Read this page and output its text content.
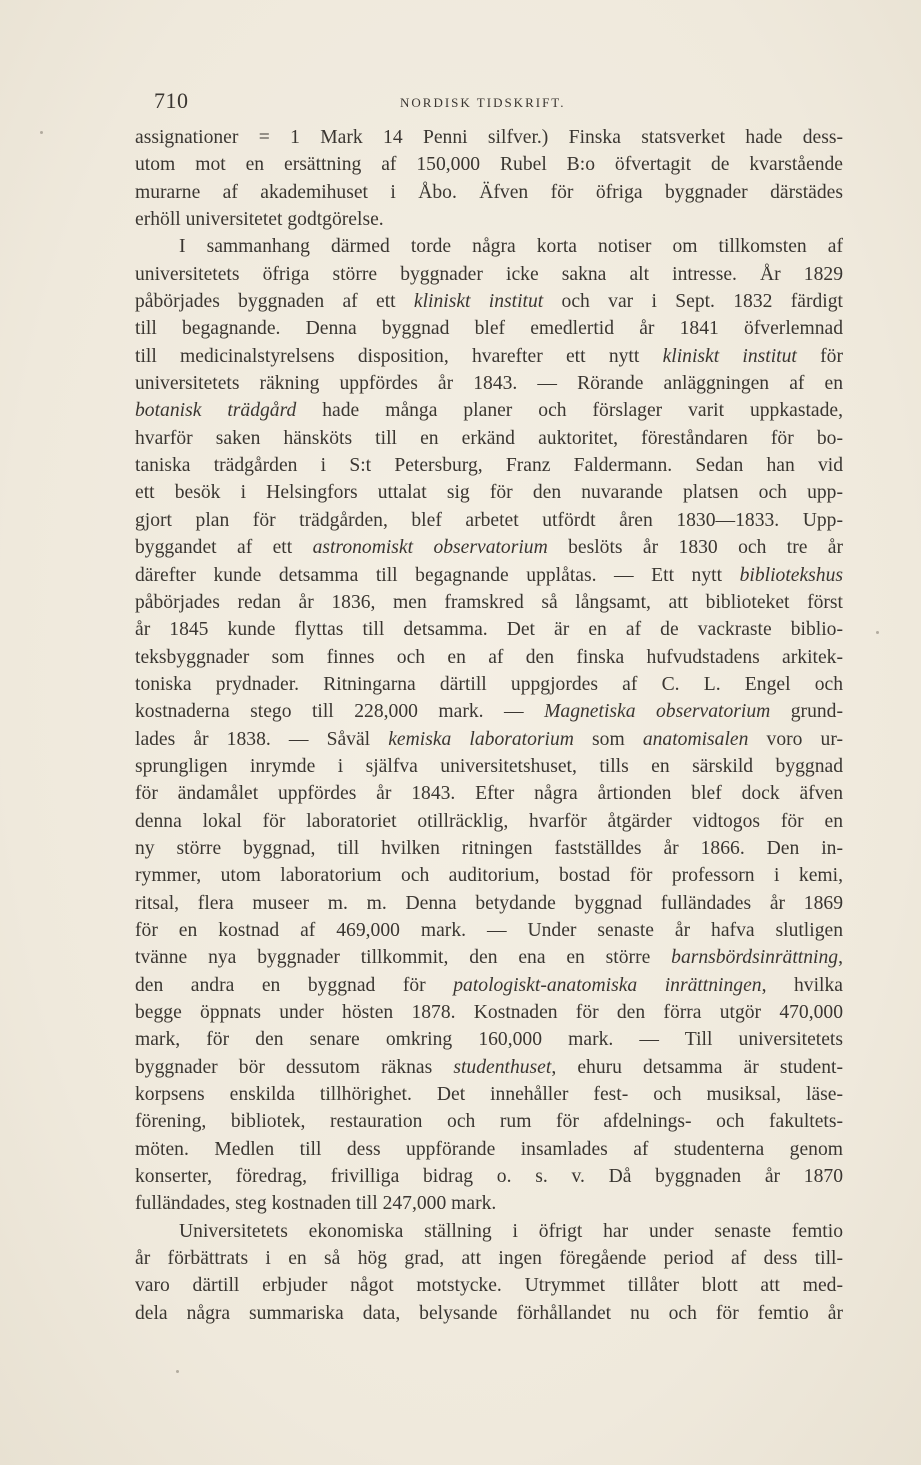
710	NORDISK TIDSKRIFT.
assignationer = 1 Mark 14 Penni silfver.) Finska statsverket hade dess-
utom mot en ersättning af 150,000 Rubel B:o öfvertagit de kvarstående
murarne af akademihuset i Åbo. Äfven för öfriga byggnader därstädes
erhöll universitetet godtgörelse.
I sammanhang därmed torde några korta notiser om tillkomsten af
universitetets öfriga större byggnader icke sakna alt intresse. År 1829
påbörjades byggnaden af ett kliniskt institut och var i Sept. 1832 färdigt
till begagnande. Denna byggnad blef emedlertid år 1841 öfverlemnad
till medicinalstyrelsens disposition, hvarefter ett nytt kliniskt institut för
universitetets räkning uppfördes år 1843. — Rörande anläggningen af en
botanisk trädgård hade många planer och förslager varit uppkastade,
hvarför saken hänsköts till en erkänd auktoritet, föreståndaren för bo-
taniska trädgården i S:t Petersburg, Franz Faldermann. Sedan han vid
ett besök i Helsingfors uttalat sig för den nuvarande platsen och upp-
gjort plan för trädgården, blef arbetet utfördt åren 1830—1833. Upp-
byggandet af ett astronomiskt observatorium beslöts år 1830 och tre år
därefter kunde detsamma till begagnande upplåtas. — Ett nytt bibliotekshus
påbörjades redan år 1836, men framskred så långsamt, att biblioteket först
år 1845 kunde flyttas till detsamma. Det är en af de vackraste biblio-
teksbyggnader som finnes och en af den finska hufvudstadens arkitek-
toniska prydnader. Ritningarna därtill uppgjordes af C. L. Engel och
kostnaderna stego till 228,000 mark. — Magnetiska observatorium grund-
lades år 1838. — Såväl kemiska laboratorium som anatomisalen voro ur-
sprungligen inrymde i själfva universitetshuset, tills en särskild byggnad
för ändamålet uppfördes år 1843. Efter några årtionden blef dock äfven
denna lokal för laboratoriet otillräcklig, hvarför åtgärder vidtogos för en
ny större byggnad, till hvilken ritningen fastställdes år 1866. Den in-
rymmer, utom laboratorium och auditorium, bostad för professorn i kemi,
ritsal, flera museer m. m. Denna betydande byggnad fulländades år 1869
för en kostnad af 469,000 mark. — Under senaste år hafva slutligen
tvänne nya byggnader tillkommit, den ena en större barnsbördsinrättning,
den andra en byggnad för patologiskt-anatomiska inrättningen, hvilka
begge öppnats under hösten 1878. Kostnaden för den förra utgör 470,000
mark, för den senare omkring 160,000 mark. — Till universitetets
byggnader bör dessutom räknas studenthuset, ehuru detsamma är student-
korpsens enskilda tillhörighet. Det innehåller fest- och musiksal, läse-
förening, bibliotek, restauration och rum för afdelnings- och fakultets-
möten. Medlen till dess uppförande insamlades af studenterna genom
konserter, föredrag, frivilliga bidrag o. s. v. Då byggnaden år 1870
fulländades, steg kostnaden till 247,000 mark.
Universitetets ekonomiska ställning i öfrigt har under senaste femtio
år förbättrats i en så hög grad, att ingen föregående period af dess till-
varo därtill erbjuder något motstycke. Utrymmet tillåter blott att med-
dela några summariska data, belysande förhållandet nu och för femtio år
